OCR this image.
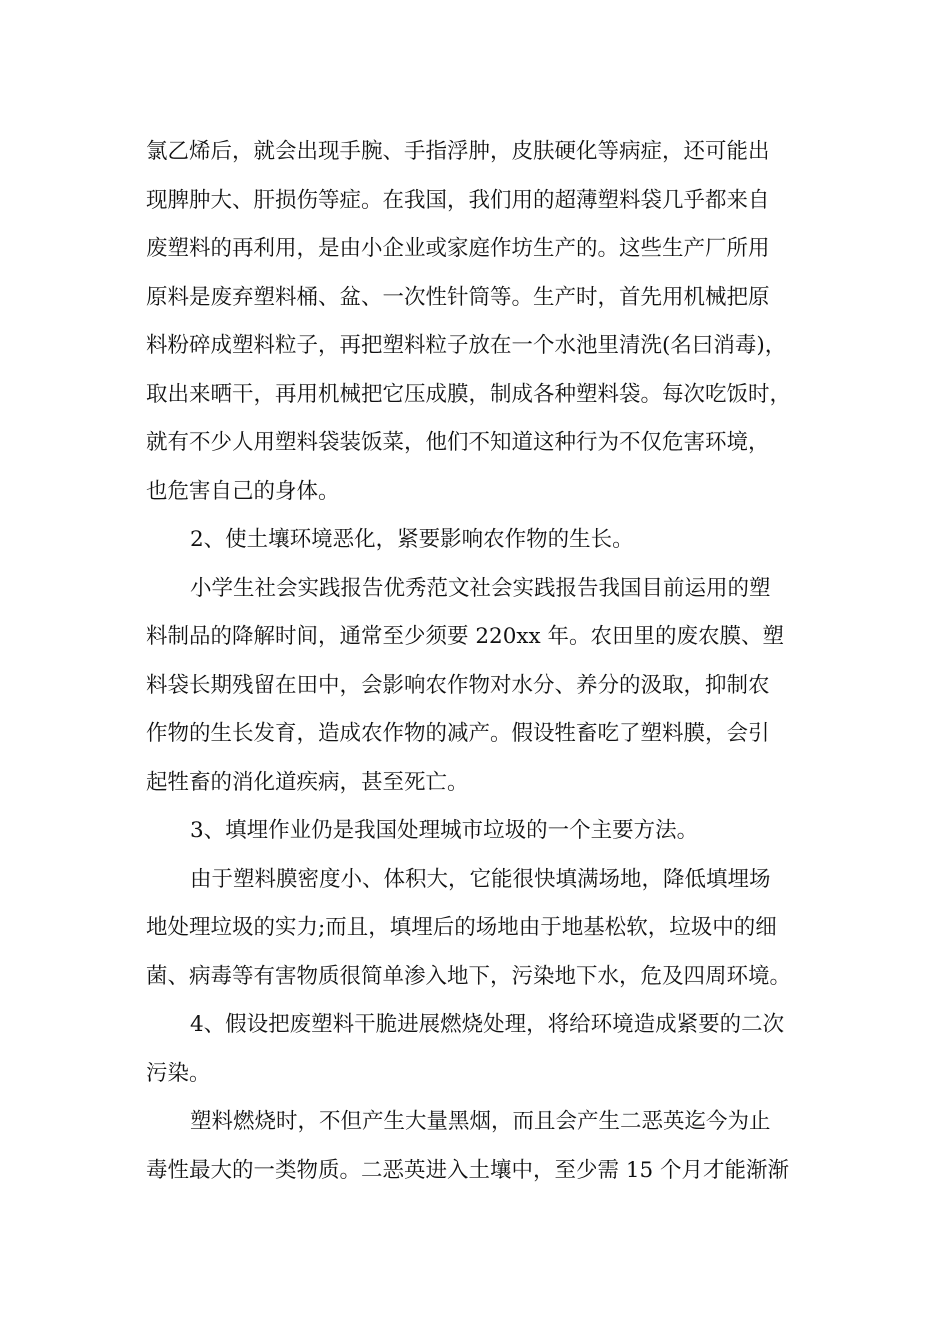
氯乙烯后，就会出现手腕、手指浮肿，皮肤硬化等病症，还可能出
现脾肿大、肝损伤等症。在我国，我们用的超薄塑料袋几乎都来自
废塑料的再利用，是由小企业或家庭作坊生产的。这些生产厂所用
原料是废弃塑料桶、盆、一次性针筒等。生产时，首先用机械把原
料粉碎成塑料粒子，再把塑料粒子放在一个水池里清洗(名曰消毒)，
取出来晒干，再用机械把它压成膜，制成各种塑料袋。每次吃饭时，
就有不少人用塑料袋装饭菜，他们不知道这种行为不仅危害环境，
也危害自己的身体。
2、使土壤环境恶化，紧要影响农作物的生长。
小学生社会实践报告优秀范文社会实践报告我国目前运用的塑
料制品的降解时间，通常至少须要 220xx 年。农田里的废农膜、塑
料袋长期残留在田中，会影响农作物对水分、养分的汲取，抑制农
作物的生长发育，造成农作物的减产。假设牲畜吃了塑料膜，会引
起牲畜的消化道疾病，甚至死亡。
3、填埋作业仍是我国处理城市垃圾的一个主要方法。
由于塑料膜密度小、体积大，它能很快填满场地，降低填埋场
地处理垃圾的实力;而且，填埋后的场地由于地基松软，垃圾中的细
菌、病毒等有害物质很简单渗入地下，污染地下水，危及四周环境。
4、假设把废塑料干脆进展燃烧处理，将给环境造成紧要的二次
污染。
塑料燃烧时，不但产生大量黑烟，而且会产生二恶英迄今为止
毒性最大的一类物质。二恶英进入土壤中，至少需 15 个月才能渐渐
